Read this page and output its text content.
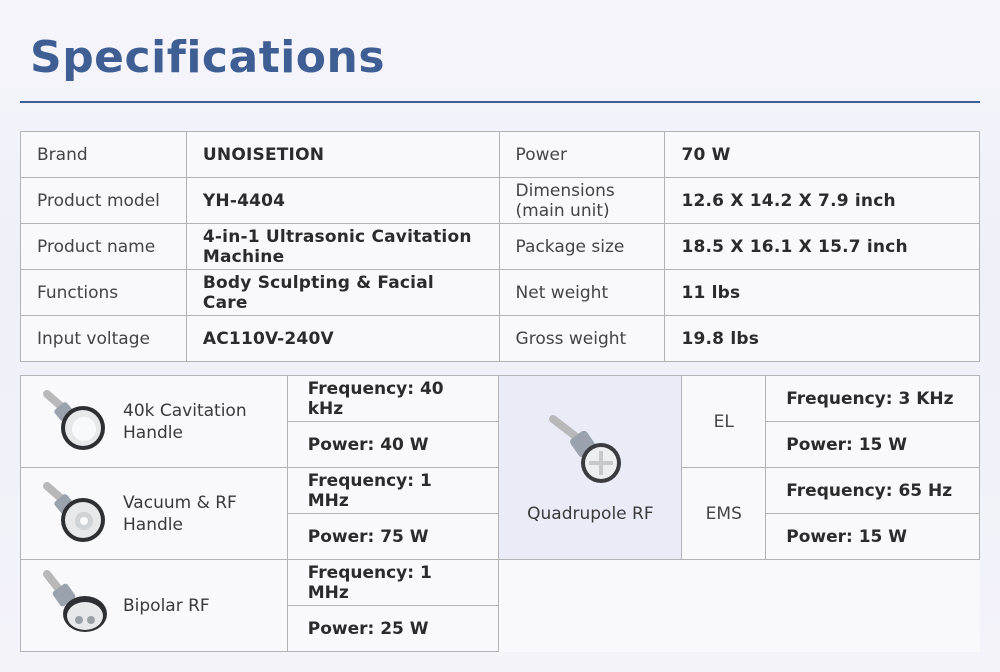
Specifications
Brand	UNOISETION	Power	70 W
Product model	YH-4404	Dimensions (main unit)	12.6 X 14.2 X 7.9 inch
Product name	4-in-1 Ultrasonic Cavitation Machine	Package size	18.5 X 16.1 X 15.7 inch
Functions	Body Sculpting & Facial Care	Net weight	11 lbs
Input voltage	AC110V-240V	Gross weight	19.8 lbs
40k Cavitation Handle	Frequency: 40 kHz	Quadrupole RF	EL	Frequency: 3 KHz
	Power: 40 W			Power: 15 W

Vacuum & RF Handle	Frequency: 1 MHz		EMS	Frequency: 65 Hz
	Power: 75 W			Power: 15 W

Bipolar RF	Frequency: 1 MHz			
	Power: 25 W			
